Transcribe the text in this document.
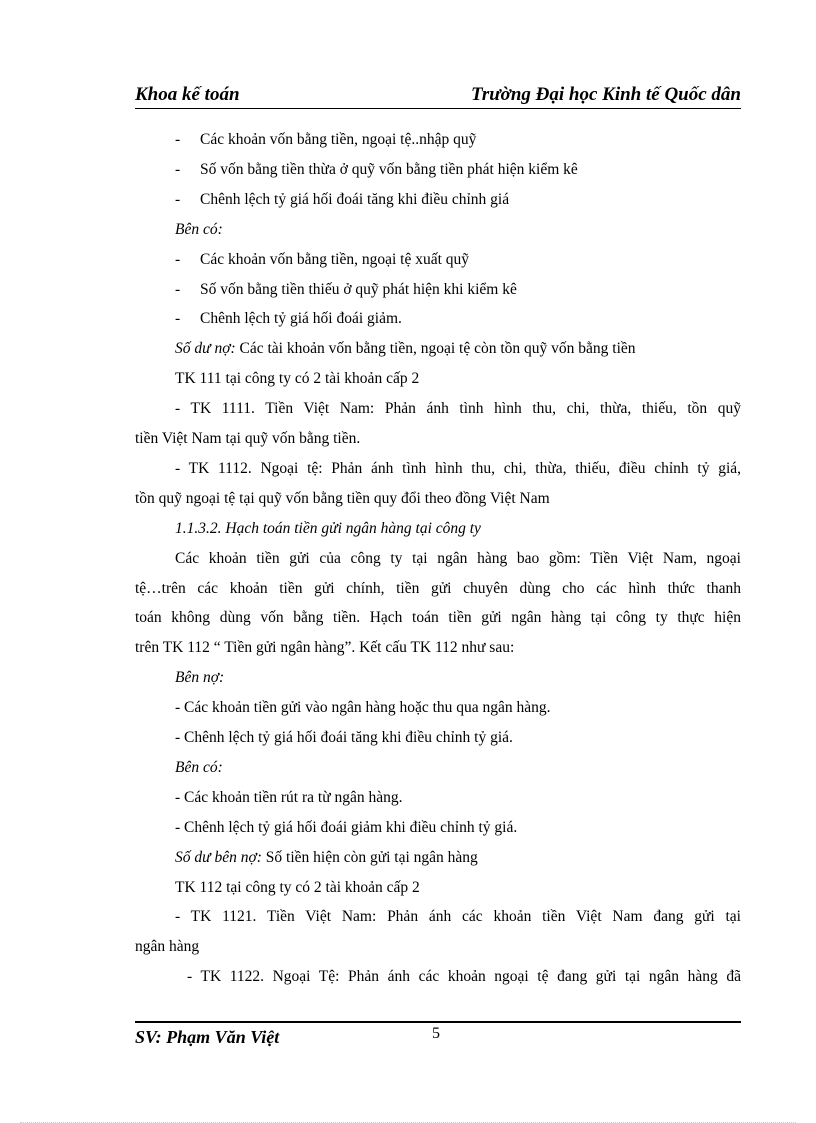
Khoa kế toán	Trường Đại học Kinh tế Quốc dân
- Các khoản vốn bằng tiền, ngoại tệ..nhập quỹ
- Số vốn bằng tiền thừa ở quỹ vốn bằng tiền phát hiện kiểm kê
- Chênh lệch tỷ giá hối đoái tăng khi điều chỉnh giá
Bên có:
- Các khoản vốn bằng tiền, ngoại tệ xuất quỹ
- Số vốn bằng tiền thiếu ở quỹ phát hiện khi kiểm kê
- Chênh lệch tỷ giá hối đoái giảm.
Số dư nợ: Các tài khoản vốn bằng tiền, ngoại tệ còn tồn quỹ vốn bằng tiền
TK 111 tại công ty có 2 tài khoản cấp 2
- TK 1111. Tiền Việt Nam: Phản ánh tình hình thu, chi, thừa, thiếu, tồn quỹ
tiền Việt Nam tại quỹ vốn bằng tiền.
- TK 1112. Ngoại tệ: Phản ánh tình hình thu, chi, thừa, thiếu, điều chỉnh tỷ giá,
tồn quỹ ngoại tệ tại quỹ vốn bằng tiền quy đổi theo đồng Việt Nam
1.1.3.2. Hạch toán tiền gửi ngân hàng tại công ty
Các khoản tiền gửi của công ty tại ngân hàng bao gồm: Tiền Việt Nam, ngoại
tệ…trên các khoản tiền gửi chính, tiền gửi chuyên dùng cho các hình thức thanh
toán không dùng vốn bằng tiền. Hạch toán tiền gửi ngân hàng tại công ty thực hiện
trên TK 112 “ Tiền gửi ngân hàng”. Kết cấu TK 112 như sau:
Bên nợ:
- Các khoản tiền gửi vào ngân hàng hoặc thu qua ngân hàng.
- Chênh lệch tỷ giá hối đoái tăng khi điều chỉnh tỷ giá.
Bên có:
- Các khoản tiền rút ra từ ngân hàng.
- Chênh lệch tỷ giá hối đoái giảm khi điều chỉnh tỷ giá.
Số dư bên nợ: Số tiền hiện còn gửi tại ngân hàng
TK 112 tại công ty có 2 tài khoản cấp 2
- TK 1121. Tiền Việt Nam: Phản ánh các khoản tiền Việt Nam đang gửi tại
ngân hàng
- TK 1122. Ngoại Tệ: Phản ánh các khoản ngoại tệ đang gửi tại ngân hàng đã
SV: Phạm Văn Việt	5
